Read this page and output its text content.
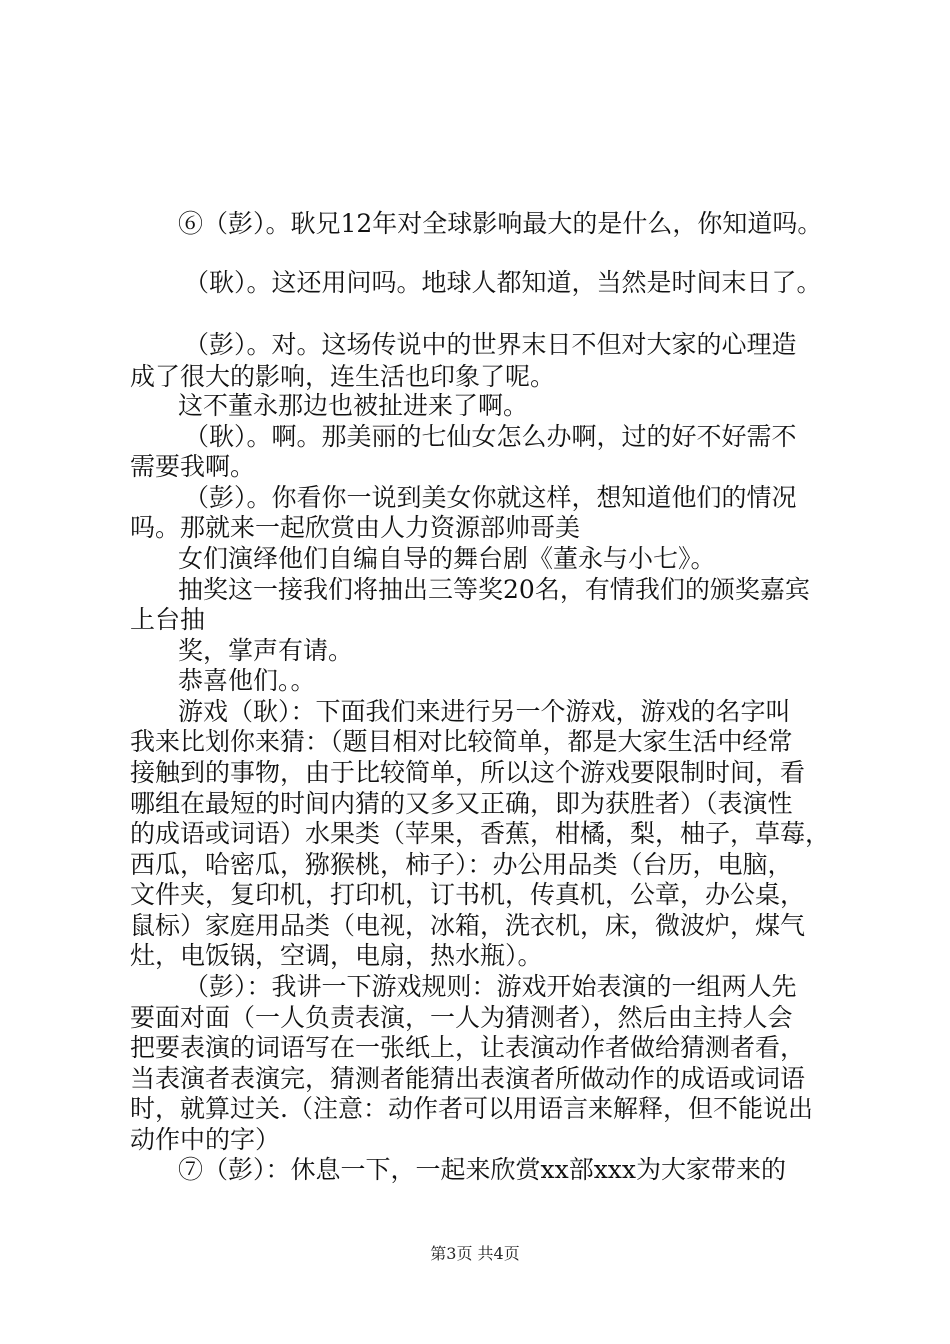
⑥（彭）。耿兄12年对全球影响最大的是什么，你知道吗。
（耿）。这还用问吗。地球人都知道，当然是时间末日了。
（彭）。对。这场传说中的世界末日不但对大家的心理造
成了很大的影响，连生活也印象了呢。
这不董永那边也被扯进来了啊。
（耿）。啊。那美丽的七仙女怎么办啊，过的好不好需不
需要我啊。
（彭）。你看你一说到美女你就这样，想知道他们的情况
吗。那就来一起欣赏由人力资源部帅哥美
女们演绎他们自编自导的舞台剧《董永与小七》。
抽奖这一接我们将抽出三等奖20名，有情我们的颁奖嘉宾
上台抽
奖，掌声有请。
恭喜他们。。
游戏（耿）：下面我们来进行另一个游戏，游戏的名字叫
我来比划你来猜：（题目相对比较简单，都是大家生活中经常
接触到的事物，由于比较简单，所以这个游戏要限制时间，看
哪组在最短的时间内猜的又多又正确，即为获胜者）（表演性
的成语或词语）水果类（苹果，香蕉，柑橘，梨，柚子，草莓，
西瓜，哈密瓜，猕猴桃，柿子）：办公用品类（台历，电脑，
文件夹，复印机，打印机，订书机，传真机，公章，办公桌，
鼠标）家庭用品类（电视，冰箱，洗衣机，床，微波炉，煤气
灶，电饭锅，空调，电扇，热水瓶）。
（彭）：我讲一下游戏规则：游戏开始表演的一组两人先
要面对面（一人负责表演，一人为猜测者），然后由主持人会
把要表演的词语写在一张纸上，让表演动作者做给猜测者看，
当表演者表演完，猜测者能猜出表演者所做动作的成语或词语
时，就算过关.（注意：动作者可以用语言来解释，但不能说出
动作中的字）
⑦（彭）：休息一下，一起来欣赏xx部xxx为大家带来的
第3页 共4页
